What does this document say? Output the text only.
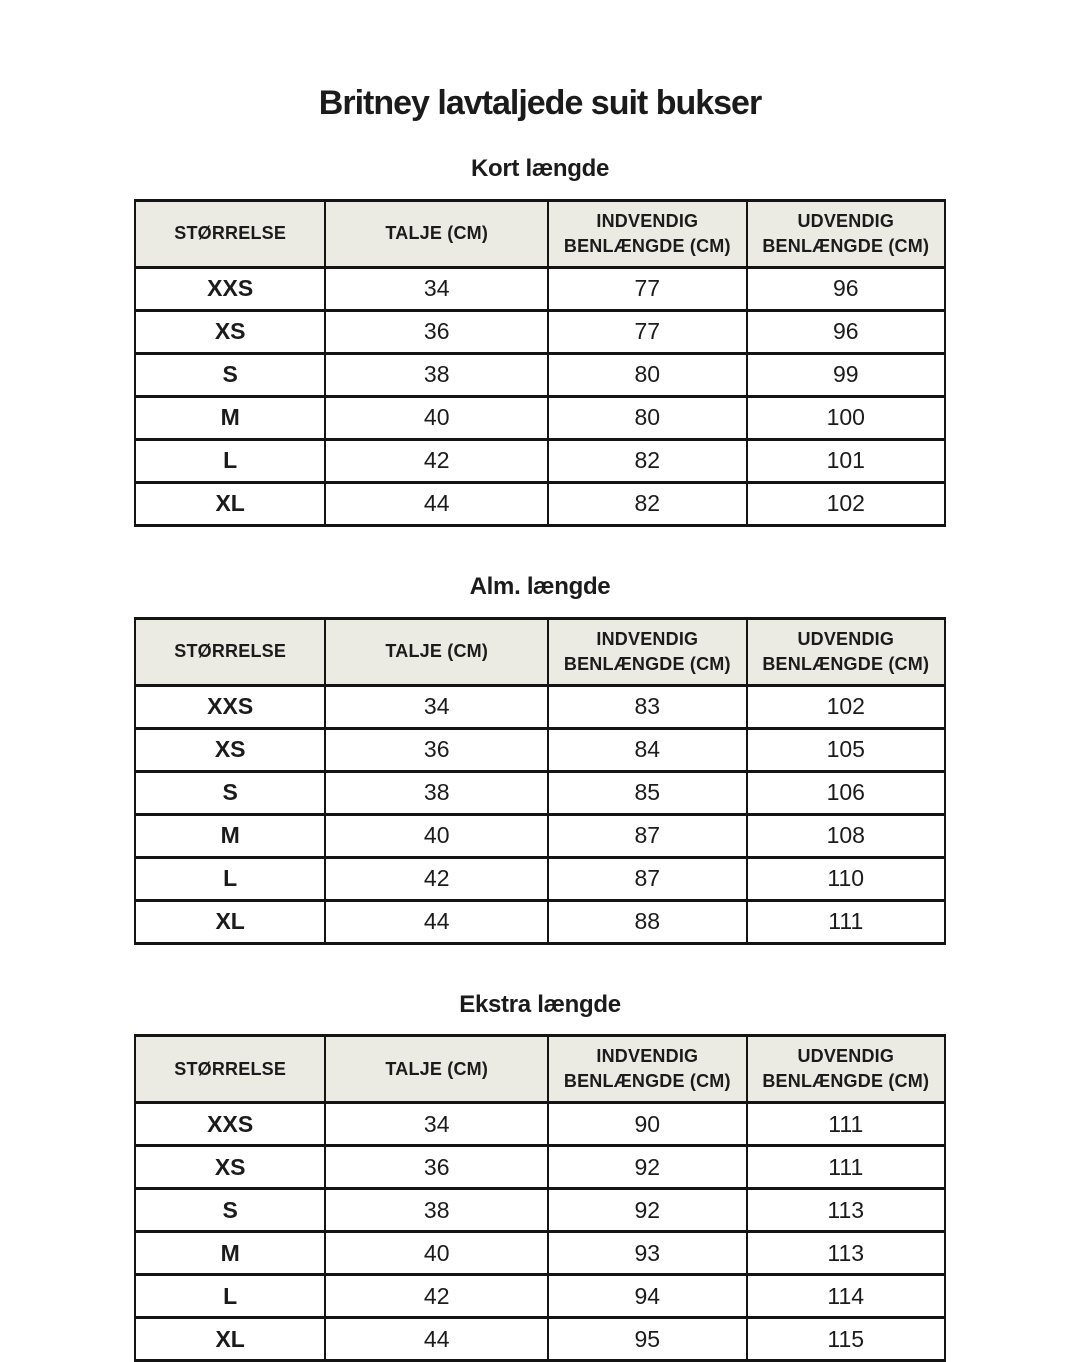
Britney lavtaljede suit bukser
Kort længde
STØRRELSE	TALJE (CM)	INDVENDIG BENLÆNGDE (CM)	UDVENDIG BENLÆNGDE (CM)
XXS	34	77	96
XS	36	77	96
S	38	80	99
M	40	80	100
L	42	82	101
XL	44	82	102
Alm. længde
STØRRELSE	TALJE (CM)	INDVENDIG BENLÆNGDE (CM)	UDVENDIG BENLÆNGDE (CM)
XXS	34	83	102
XS	36	84	105
S	38	85	106
M	40	87	108
L	42	87	110
XL	44	88	111
Ekstra længde
STØRRELSE	TALJE (CM)	INDVENDIG BENLÆNGDE (CM)	UDVENDIG BENLÆNGDE (CM)
XXS	34	90	111
XS	36	92	111
S	38	92	113
M	40	93	113
L	42	94	114
XL	44	95	115
